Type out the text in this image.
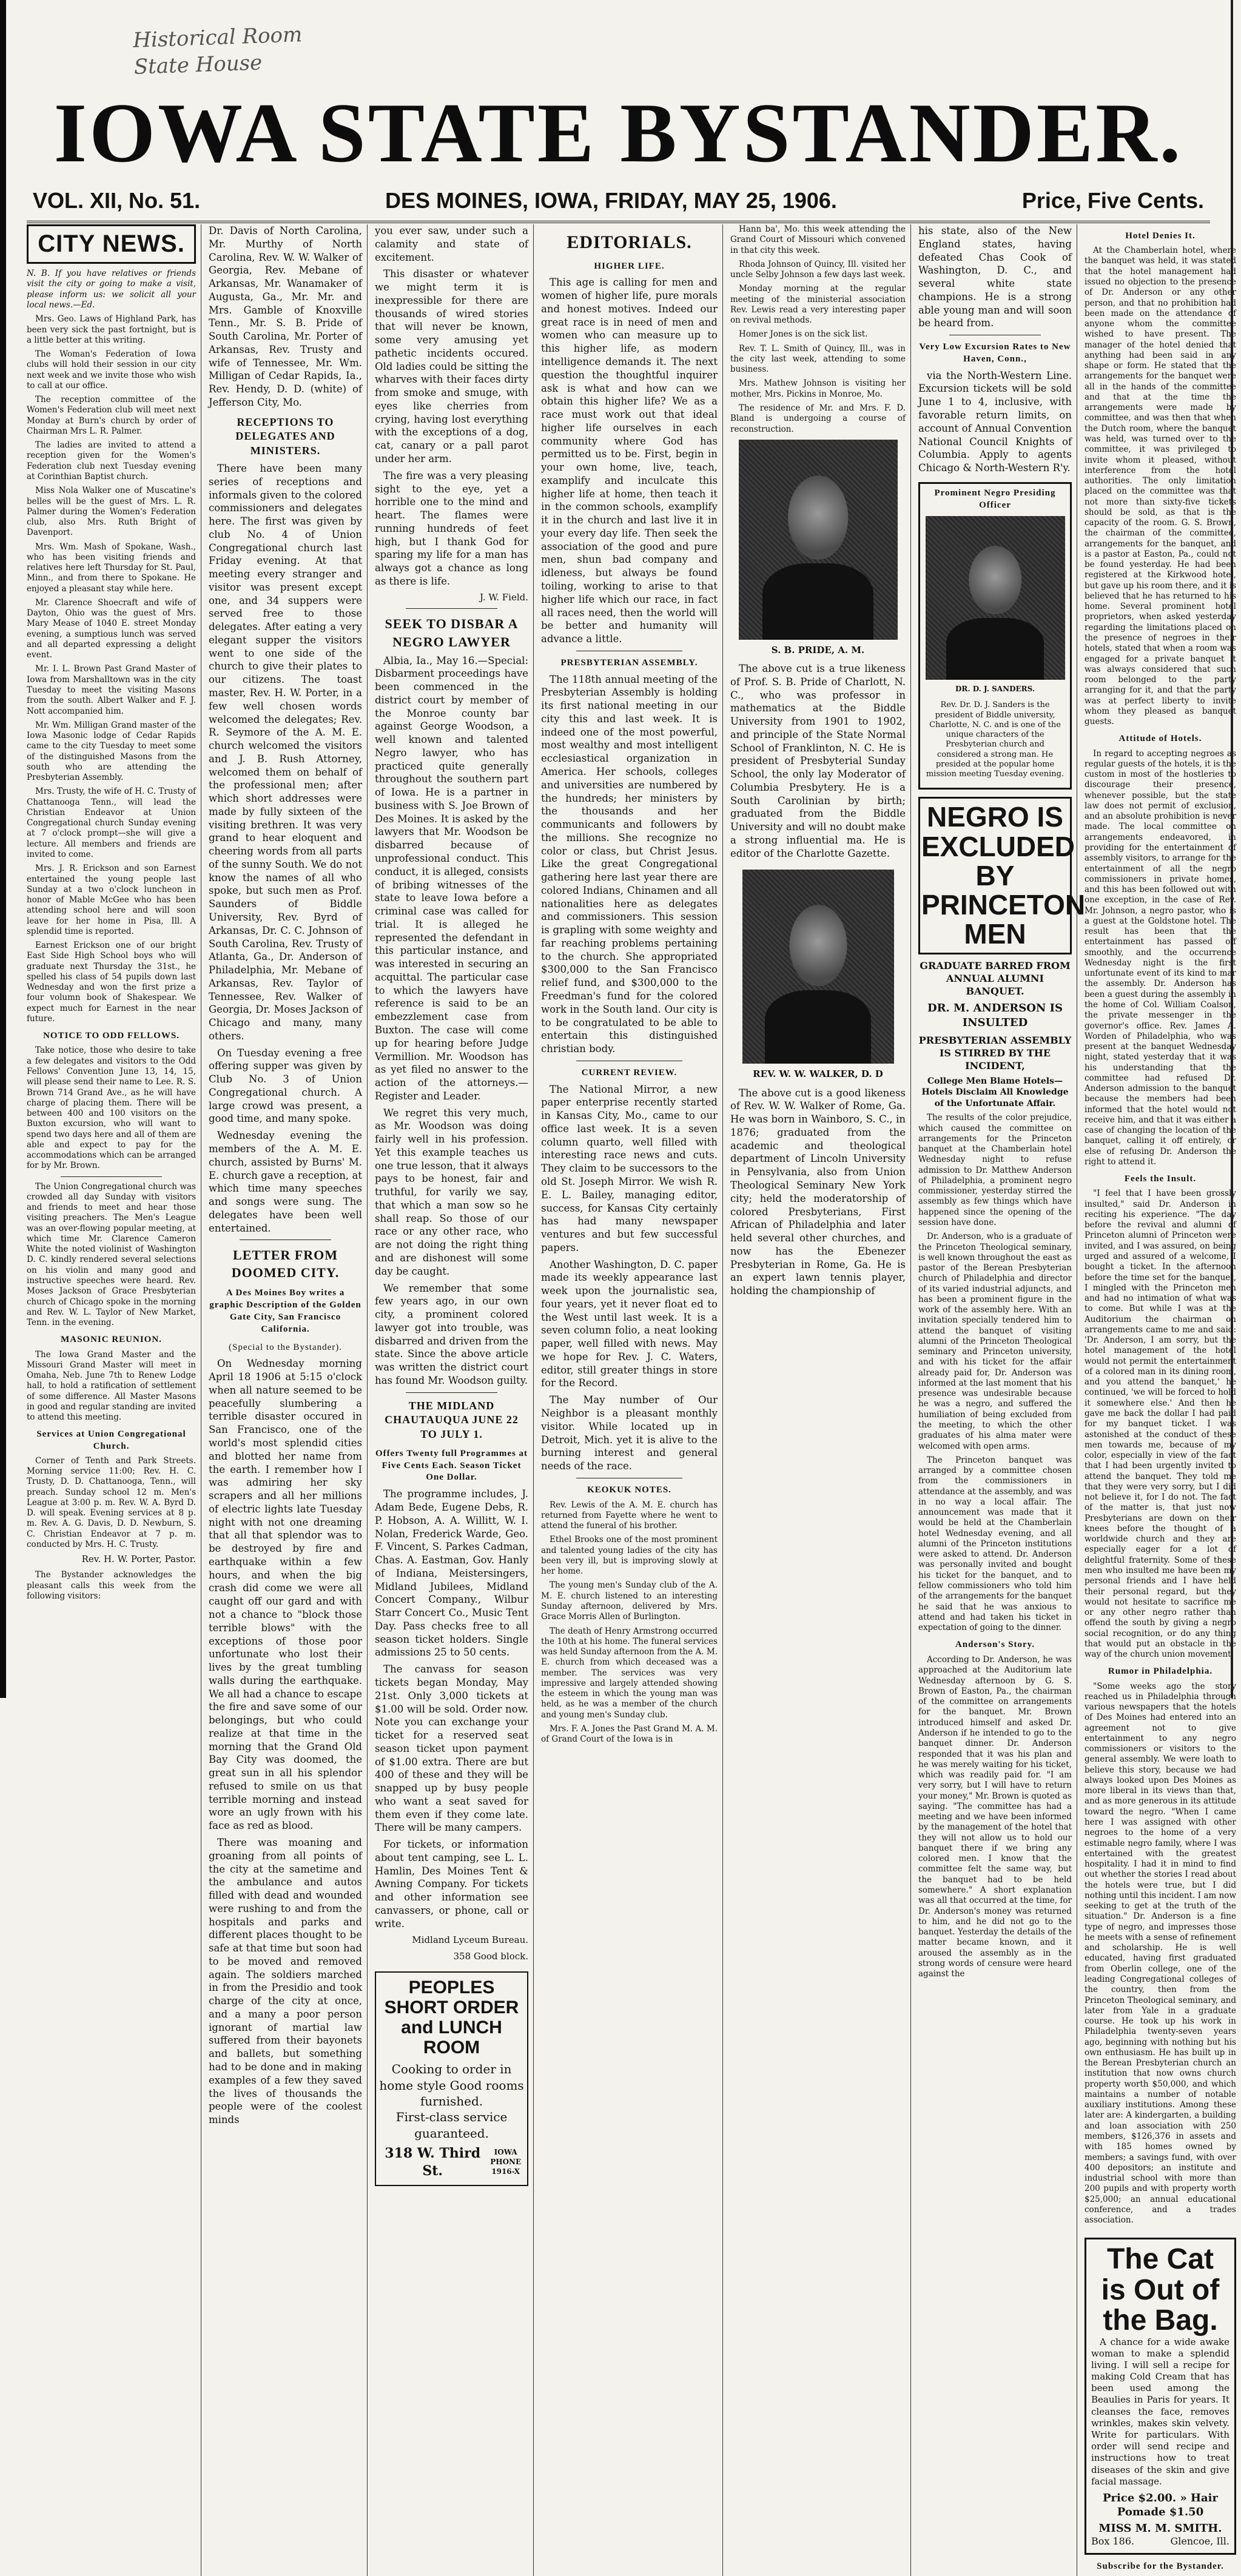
Historical Room
State House
IOWA STATE BYSTANDER.
VOL. XII, No. 51.	DES MOINES, IOWA, FRIDAY, MAY 25, 1906.	Price, Five Cents.
CITY NEWS.

N. B. If you have relatives or friends visit the city or going to make a visit, please inform us: we solicit all your local news.—Ed.

Mrs. Geo. Laws of Highland Park, has been very sick the past fortnight, but is a little better at this writing.

The Woman's Federation of Iowa clubs will hold their session in our city next week and we invite those who wish to call at our office.

The reception committee of the Women's Federation club will meet next Monday at Burn's church by order of Chairman Mrs L. R. Palmer.

The ladies are invited to attend a reception given for the Women's Federation club next Tuesday evening at Corinthian Baptist church.

Miss Nola Walker one of Muscatine's belles will be the guest of Mrs. L. R. Palmer during the Women's Federation club, also Mrs. Ruth Bright of Davenport.

Mrs. Wm. Mash of Spokane, Wash., who has been visiting friends and relatives here left Thursday for St. Paul, Minn., and from there to Spokane. He enjoyed a pleasant stay while here.

Mr. Clarence Shoecraft and wife of Dayton, Ohio was the guest of Mrs. Mary Mease of 1040 E. street Monday evening, a sumptious lunch was served and all departed expressing a delight event.

Mr. I. L. Brown Past Grand Master of Iowa from Marshalltown was in the city Tuesday to meet the visiting Masons from the south. Albert Walker and F. J. Nott accompanied him.

Mr. Wm. Milligan Grand master of the Iowa Masonic lodge of Cedar Rapids came to the city Tuesday to meet some of the distinguished Masons from the south who are attending the Presbyterian Assembly.

Mrs. Trusty, the wife of H. C. Trusty of Chattanooga Tenn., will lead the Christian Endeavor at Union Congregational church Sunday evening at 7 o'clock prompt—she will give a lecture. All members and friends are invited to come.

Mrs. J. R. Erickson and son Earnest entertained the young people last Sunday at a two o'clock luncheon in honor of Mable McGee who has been attending school here and will soon leave for her home in Pisa, Ill. A splendid time is reported.

Earnest Erickson one of our bright East Side High School boys who will graduate next Thursday the 31st., he spelled his class of 54 pupils down last Wednesday and won the first prize a four volumn book of Shakespear. We expect much for Earnest in the near future.

NOTICE TO ODD FELLOWS.

Take notice, those who desire to take a few delegates and visitors to the Odd Fellows' Convention June 13, 14, 15, will please send their name to Lee. R. S. Brown 714 Grand Ave., as he will have charge of placing them. There will be between 400 and 100 visitors on the Buxton excursion, who will want to spend two days here and all of them are able and expect to pay for the accommodations which can be arranged for by Mr. Brown.

The Union Congregational church was crowded all day Sunday with visitors and friends to meet and hear those visiting preachers. The Men's League was an over-flowing popular meeting, at which time Mr. Clarence Cameron White the noted violinist of Washington D. C. kindly rendered several selections on his violin and many good and instructive speeches were heard. Rev. Moses Jackson of Grace Presbyterian church of Chicago spoke in the morning and Rev. W. L. Taylor of New Market, Tenn. in the evening.

MASONIC REUNION.

The Iowa Grand Master and the Missouri Grand Master will meet in Omaha, Neb. June 7th to Renew Lodge hall, to hold a ratification of settlement of some difference. All Master Masons in good and regular standing are invited to attend this meeting.

Services at Union Congregational Church.

Corner of Tenth and Park Streets. Morning service 11:00; Rev. H. C. Trusty, D. D. Chattanooga, Tenn., will preach. Sunday school 12 m. Men's League at 3:00 p. m. Rev. W. A. Byrd D. D. will speak. Evening services at 8 p. m. Rev. A. G. Davis, D. D. Newburn, S. C. Christian Endeavor at 7 p. m. conducted by Mrs. H. C. Trusty.

Rev. H. W. Porter, Pastor.

The Bystander acknowledges the pleasant calls this week from the following visitors:

Dr. Davis of North Carolina, Mr. Murthy of North Carolina, Rev. W. W. Walker of Georgia, Rev. Mebane of Arkansas, Mr. Wanamaker of Augusta, Ga., Mr. Mr. and Mrs. Gamble of Knoxville Tenn., Mr. S. B. Pride of South Carolina, Mr. Porter of Arkansas, Rev. Trusty and wife of Tennessee, Mr. Wm. Milligan of Cedar Rapids, Ia., Rev. Hendy, D. D. (white) of Jefferson City, Mo.

RECEPTIONS TO DELEGATES AND MINISTERS.

There have been many series of receptions and informals given to the colored commissioners and delegates here. The first was given by club No. 4 of Union Congregational church last Friday evening. At that meeting every stranger and visitor was present except one, and 34 suppers were served free to those delegates. After eating a very elegant supper the visitors went to one side of the church to give their plates to our citizens. The toast master, Rev. H. W. Porter, in a few well chosen words welcomed the delegates; Rev. R. Seymore of the A. M. E. church welcomed the visitors and J. B. Rush Attorney, welcomed them on behalf of the professional men; after which short addresses were made by fully sixteen of the visiting brethren. It was very grand to hear eloquent and cheering words from all parts of the sunny South. We do not know the names of all who spoke, but such men as Prof. Saunders of Biddle University, Rev. Byrd of Arkansas, Dr. C. C. Johnson of South Carolina, Rev. Trusty of Atlanta, Ga., Dr. Anderson of Philadelphia, Mr. Mebane of Arkansas, Rev. Taylor of Tennessee, Rev. Walker of Georgia, Dr. Moses Jackson of Chicago and many, many others.

On Tuesday evening a free offering supper was given by Club No. 3 of Union Congregational church. A large crowd was present, a good time, and many spoke.

Wednesday evening the members of the A. M. E. church, assisted by Burns' M. E. church gave a reception, at which time many speeches and songs were sung. The delegates have been well entertained.

LETTER FROM DOOMED CITY.
A Des Moines Boy writes a graphic Description of the Golden Gate City, San Francisco California.
(Special to the Bystander).

On Wednesday morning April 18 1906 at 5:15 o'clock when all nature seemed to be peacefully slumbering a terrible disaster occured in San Francisco, one of the world's most splendid cities and blotted her name from the earth. I remember how I was admiring her sky scrapers and all her millions of electric lights late Tuesday night with not one dreaming that all that splendor was to be destroyed by fire and earthquake within a few hours, and when the big crash did come we were all caught off our gard and with not a chance to "block those terrible blows" with the exceptions of those poor unfortunate who lost their lives by the great tumbling walls during the earthquake. We all had a chance to escape the fire and save some of our belongings, but who could realize at that time in the morning that the Grand Old Bay City was doomed, the great sun in all his splendor refused to smile on us that terrible morning and instead wore an ugly frown with his face as red as blood.

There was moaning and groaning from all points of the city at the sametime and the ambulance and autos filled with dead and wounded were rushing to and from the hospitals and parks and different places thought to be safe at that time but soon had to be moved and removed again. The soldiers marched in from the Presidio and took charge of the city at once, and a many a poor person ignorant of martial law suffered from their bayonets and ballets, but something had to be done and in making examples of a few they saved the lives of thousands the people were of the coolest minds

you ever saw, under such a calamity and state of excitement.

This disaster or whatever we might term it is inexpressible for there are thousands of wired stories that will never be known, some very amusing yet pathetic incidents occured. Old ladies could be sitting the wharves with their faces dirty from smoke and smuge, with eyes like cherries from crying, having lost everything with the exceptions of a dog, cat, canary or a pall parot under her arm.

The fire was a very pleasing sight to the eye, yet a horrible one to the mind and heart. The flames were running hundreds of feet high, but I thank God for sparing my life for a man has always got a chance as long as there is life.

J. W. Field.
SEEK TO DISBAR A NEGRO LAWYER

Albia, Ia., May 16.—Special: Disbarment proceedings have been commenced in the district court by member of the Monroe county bar against George Woodson, a well known and talented Negro lawyer, who has practiced quite generally throughout the southern part of Iowa. He is a partner in business with S. Joe Brown of Des Moines. It is asked by the lawyers that Mr. Woodson be disbarred because of unprofessional conduct. This conduct, it is alleged, consists of bribing witnesses of the state to leave Iowa before a criminal case was called for trial. It is alleged he represented the defendant in this particular instance, and was interested in securing an acquittal. The particular case to which the lawyers have reference is said to be an embezzlement case from Buxton. The case will come up for hearing before Judge Vermillion. Mr. Woodson has as yet filed no answer to the action of the attorneys.—Register and Leader.

We regret this very much, as Mr. Woodson was doing fairly well in his profession. Yet this example teaches us one true lesson, that it always pays to be honest, fair and truthful, for varily we say, that which a man sow so he shall reap. So those of our race or any other race, who are not doing the right thing and are dishonest will some day be caught.

We remember that some few years ago, in our own city, a prominent colored lawyer got into trouble, was disbarred and driven from the state. Since the above article was written the district court has found Mr. Woodson guilty.

THE MIDLAND CHAUTAUQUA JUNE 22 TO JULY 1.
Offers Twenty full Programmes at Five Cents Each. Season Ticket One Dollar.

The programme includes, J. Adam Bede, Eugene Debs, R. P. Hobson, A. A. Willitt, W. I. Nolan, Frederick Warde, Geo. F. Vincent, S. Parkes Cadman, Chas. A. Eastman, Gov. Hanly of Indiana, Meistersingers, Midland Jubilees, Midland Concert Company., Wilbur Starr Concert Co., Music Tent Day. Pass checks free to all season ticket holders. Single admissions 25 to 50 cents.

The canvass for season tickets began Monday, May 21st. Only 3,000 tickets at $1.00 will be sold. Order now. Note you can exchange your ticket for a reserved seat season ticket upon payment of $1.00 extra. There are but 400 of these and they will be snapped up by busy people who want a seat saved for them even if they come late. There will be many campers.

For tickets, or information about tent camping, see L. L. Hamlin, Des Moines Tent & Awning Company. For tickets and other information see canvassers, or phone, call or write.

Midland Lyceum Bureau.
358 Good block.
PEOPLES SHORT ORDER
and LUNCH ROOM
Cooking to order in home style Good rooms furnished.
First-class service guaranteed.
318 W. Third St.
IOWA PHONE 1916-X
EDITORIALS.
HIGHER LIFE.

This age is calling for men and women of higher life, pure morals and honest motives. Indeed our great race is in need of men and women who can measure up to this higher life, as modern intelligence demands it. The next question the thoughtful inquirer ask is what and how can we obtain this higher life? We as a race must work out that ideal higher life ourselves in each community where God has permitted us to be. First, begin in your own home, live, teach, examplify and inculcate this higher life at home, then teach it in the common schools, examplify it in the church and last live it in your every day life. Then seek the association of the good and pure men, shun bad company and idleness, but always be found toiling, working to arise to that higher life which our race, in fact all races need, then the world will be better and humanity will advance a little.

PRESBYTERIAN ASSEMBLY.

The 118th annual meeting of the Presbyterian Assembly is holding its first national meeting in our city this and last week. It is indeed one of the most powerful, most wealthy and most intelligent ecclesiastical organization in America. Her schools, colleges and universities are numbered by the hundreds; her ministers by the thousands and her communicants and followers by the millions. She recognize no color or class, but Christ Jesus. Like the great Congregational gathering here last year there are colored Indians, Chinamen and all nationalities here as delegates and commissioners. This session is grapling with some weighty and far reaching problems pertaining to the church. She appropriated $300,000 to the San Francisco relief fund, and $300,000 to the Freedman's fund for the colored work in the South land. Our city is to be congratulated to be able to entertain this distinguished christian body.

CURRENT REVIEW.

The National Mirror, a new paper enterprise recently started in Kansas City, Mo., came to our office last week. It is a seven column quarto, well filled with interesting race news and cuts. They claim to be successors to the old St. Joseph Mirror. We wish R. E. L. Bailey, managing editor, success, for Kansas City certainly has had many newspaper ventures and but few successful papers.

Another Washington, D. C. paper made its weekly appearance last week upon the journalistic sea, four years, yet it never float ed to the West until last week. It is a seven column folio, a neat looking paper, well filled with news. May we hope for Rev. J. C. Waters, editor, still greater things in store for the Record.

The May number of Our Neighbor is a pleasant monthly visitor. While located up in Detroit, Mich. yet it is alive to the burning interest and general needs of the race.

KEOKUK NOTES.

Rev. Lewis of the A. M. E. church has returned from Fayette where he went to attend the funeral of his brother.

Ethel Brooks one of the most prominent and talented young ladies of the city has been very ill, but is improving slowly at her home.

The young men's Sunday club of the A. M. E. church listened to an interesting Sunday afternoon, delivered by Mrs. Grace Morris Allen of Burlington.

The death of Henry Armstrong occurred the 10th at his home. The funeral services was held Sunday afternoon from the A. M. E. church from which deceased was a member. The services was very impressive and largely attended showing the esteem in which the young man was held, as he was a member of the church and young men's Sunday club.

Mrs. F. A. Jones the Past Grand M. A. M. of Grand Court of the Iowa is in

Hann ba', Mo. this week attending the Grand Court of Missouri which convened in that city this week.

Rhoda Johnson of Quincy, Ill. visited her uncle Selby Johnson a few days last week.

Monday morning at the regular meeting of the ministerial association Rev. Lewis read a very interesting paper on revival methods.

Homer Jones is on the sick list.

Rev. T. L. Smith of Quincy, Ill., was in the city last week, attending to some business.

Mrs. Mathew Johnson is visiting her mother, Mrs. Pickins in Monroe, Mo.

The residence of Mr. and Mrs. F. D. Bland is undergoing a course of reconstruction.

S. B. PRIDE, A. M.

The above cut is a true likeness of Prof. S. B. Pride of Charlott, N. C., who was professor in mathematics at the Biddle University from 1901 to 1902, and principle of the State Normal School of Franklinton, N. C. He is president of Presbyterial Sunday School, the only lay Moderator of Columbia Presbytery. He is a South Carolinian by birth; graduated from the Biddle University and will no doubt make a strong influential ma. He is editor of the Charlotte Gazette.

REV. W. W. WALKER, D. D

The above cut is a good likeness of Rev. W. W. Walker of Rome, Ga. He was born in Wainboro, S. C., in 1876; graduated from the academic and theological department of Lincoln University in Pensylvania, also from Union Theological Seminary New York city; held the moderatorship of colored Presbyterians, First African of Philadelphia and later held several other churches, and now has the Ebenezer Presbyterian in Rome, Ga. He is an expert lawn tennis player, holding the championship of

his state, also of the New England states, having defeated Chas Cook of Washington, D. C., and several white state champions. He is a strong able young man and will soon be heard from.

Very Low Excursion Rates to New Haven, Conn.,

via the North-Western Line. Excursion tickets will be sold June 1 to 4, inclusive, with favorable return limits, on account of Annual Convention National Council Knights of Columbia. Apply to agents Chicago & North-Western R'y.

Prominent Negro Presiding Officer
DR. D. J. SANDERS.
Rev. Dr. D. J. Sanders is the president of Biddle university, Charlotte, N. C. and is one of the unique characters of the Presbyterian church and considered a strong man. He presided at the popular home mission meeting Tuesday evening.
NEGRO IS EXCLUDED BY PRINCETON MEN
GRADUATE BARRED FROM ANNUAL ALUMNI BANQUET.
DR. M. ANDERSON IS INSULTED
PRESBYTERIAN ASSEMBLY IS STIRRED BY THE INCIDENT,
College Men Blame Hotels—Hotels Disclaim All Knowledge of the Unfortunate Affair.

The results of the color prejudice, which caused the committee on arrangements for the Princeton banquet at the Chamberlain hotel Wednesday night to refuse admission to Dr. Matthew Anderson of Philadelphia, a prominent negro commissioner, yesterday stirred the assembly as few things which have happened since the opening of the session have done.

Dr. Anderson, who is a graduate of the Princeton Theological seminary, is well known throughout the east as pastor of the Berean Presbyterian church of Philadelphia and director of its varied industrial adjuncts, and has been a prominent figure in the work of the assembly here. With an invitation specially tendered him to attend the banquet of visiting alumni of the Princeton Theological seminary and Princeton university, and with his ticket for the affair already paid for, Dr. Anderson was informed at the last moment that his presence was undesirable because he was a negro, and suffered the humiliation of being excluded from the meeting, to which the other graduates of his alma mater were welcomed with open arms.

The Princeton banquet was arranged by a committee chosen from the commissioners in attendance at the assembly, and was in no way a local affair. The announcement was made that it would be held at the Chamberlain hotel Wednesday evening, and all alumni of the Princeton institutions were asked to attend. Dr. Anderson was personally invited and bought his ticket for the banquet, and to fellow commissioners who told him of the arrangements for the banquet he said that he was anxious to attend and had taken his ticket in expectation of going to the dinner.

Anderson's Story.

According to Dr. Anderson, he was approached at the Auditorium late Wednesday afternoon by G. S. Brown of Easton, Pa., the chairman of the committee on arrangements for the banquet. Mr. Brown introduced himself and asked Dr. Anderson if he intended to go to the banquet dinner. Dr. Anderson responded that it was his plan and he was merely waiting for his ticket, which was readily paid for. "I am very sorry, but I will have to return your money," Mr. Brown is quoted as saying. "The committee has had a meeting and we have been informed by the management of the hotel that they will not allow us to hold our banquet there if we bring any colored men. I know that the committee felt the same way, but the banquet had to be held somewhere." A short explanation was all that occurred at the time, for Dr. Anderson's money was returned to him, and he did not go to the banquet. Yesterday the details of the matter became known, and it aroused the assembly as in the strong words of censure were heard against the

Hotel Denies It.

At the Chamberlain hotel, where the banquet was held, it was stated that the hotel management had issued no objection to the presence of Dr. Anderson or any other person, and that no prohibition had been made on the attendance of anyone whom the committee wished to have present. The manager of the hotel denied that anything had been said in any shape or form. He stated that the arrangements for the banquet were all in the hands of the committee and that at the time the arrangements were made by committee, and was then that when the Dutch room, where the banquet was held, was turned over to the committee, it was privileged to invite whom it pleased, without interference from the hotel authorities. The only limitation placed on the committee was that not more than sixty-five tickets should be sold, as that is the capacity of the room. G. S. Brown, the chairman of the committee, arrangements for the banquet, and is a pastor at Easton, Pa., could not be found yesterday. He had been registered at the Kirkwood hotel, but gave up his room there, and it is believed that he has returned to his home. Several prominent hotel proprietors, when asked yesterday regarding the limitations placed on the presence of negroes in their hotels, stated that when a room was engaged for a private banquet it was always considered that such room belonged to the party arranging for it, and that the party was at perfect liberty to invite whom they pleased as banquet guests.

Attitude of Hotels.

In regard to accepting negroes as regular guests of the hotels, it is the custom in most of the hostleries to discourage their presence, whenever possible, but the state law does not permit of exclusion, and an absolute prohibition is never made. The local committee on arrangements endeavored, in providing for the entertainment of assembly visitors, to arrange for the entertainment of all the negro commissioners in private homes, and this has been followed out with one exception, in the case of Rev. Mr. Johnson, a negro pastor, who is a guest at the Goldstone hotel. The result has been that the entertainment has passed off smoothly, and the occurrence Wednesday night is the first unfortunate event of its kind to mar the assembly. Dr. Anderson has been a guest during the assembly in the home of Col. William Coalson, the private messenger in the governor's office. Rev. James A. Worden of Philadelphia, who was present at the banquet Wednesday night, stated yesterday that it was his understanding that the committee had refused Dr. Anderson admission to the banquet because the members had been informed that the hotel would not receive him, and that it was either a case of changing the location of the banquet, calling it off entirely, or else of refusing Dr. Anderson the right to attend it.

Feels the Insult.

"I feel that I have been grossly insulted," said Dr. Anderson in reciting his experience. "The day before the revival and alumni of Princeton alumni of Princeton were invited, and I was assured, on being urged and assured of a welcome, I bought a ticket. In the afternoon before the time set for the banquet, I mingled with the Princeton men and had no intimation of what was to come. But while I was at the Auditorium the chairman on arrangements came to me and said: 'Dr. Anderson, I am sorry, but the hotel management of the hotel would not permit the entertainment of a colored man in its dining room, and you attend the banquet,' he continued, 'we will be forced to hold it somewhere else.' And then he gave me back the dollar I had paid for my banquet ticket. I was astonished at the conduct of these men towards me, because of my color, especially in view of the fact that I had been urgently invited to attend the banquet. They told me that they were very sorry, but I did not believe it, for I do not. The fact of the matter is, that just now Presbyterians are down on their knees before the thought of a worldwide church and they are especially eager for a lot of delightful fraternity. Some of these men who insulted me have been my personal friends and I have held their personal regard, but they would not hesitate to sacrifice me or any other negro rather than offend the south by giving a negro social recognition, or do any thing that would put an obstacle in the way of the church union movement.

Rumor in Philadelphia.

"Some weeks ago the story reached us in Philadelphia through various newspapers that the hotels of Des Moines had entered into an agreement not to give entertainment to any negro commissioners or visitors to the general assembly. We were loath to believe this story, because we had always looked upon Des Moines as more liberal in its views than that, and as more generous in its attitude toward the negro. "When I came here I was assigned with other negroes to the home of a very estimable negro family, where I was entertained with the greatest hospitality. I had it in mind to find out whether the stories I read about the hotels were true, but I did nothing until this incident. I am now seeking to get at the truth of the situation." Dr. Anderson is a fine type of negro, and impresses those he meets with a sense of refinement and scholarship. He is well educated, having first graduated from Oberlin college, one of the leading Congregational colleges of the country, then from the Princeton Theological seminary, and later from Yale in a graduate course. He took up his work in Philadelphia twenty-seven years ago, beginning with nothing but his own enthusiasm. He has built up in the Berean Presbyterian church an institution that now owns church property worth $50,000, and which maintains a number of notable auxiliary institutions. Among these later are: A kindergarten, a building and loan association with 250 members, $126,376 in assets and with 185 homes owned by members; a savings fund, with over 400 depositors; an institute and industrial school with more than 200 pupils and with property worth $25,000; an annual educational conference, and a trades association.

The Cat is Out of the Bag.

A chance for a wide awake woman to make a splendid living. I will sell a recipe for making Cold Cream that has been used among the Beaulies in Paris for years. It cleanses the face, removes wrinkles, makes skin velvety. Write for particulars. With order will send recipe and instructions how to treat diseases of the skin and give facial massage.

Price $2.00. » Hair Pomade $1.50
MISS M. M. SMITH.
Box 186.	Glencoe, Ill.
Subscribe for the Bystander.
